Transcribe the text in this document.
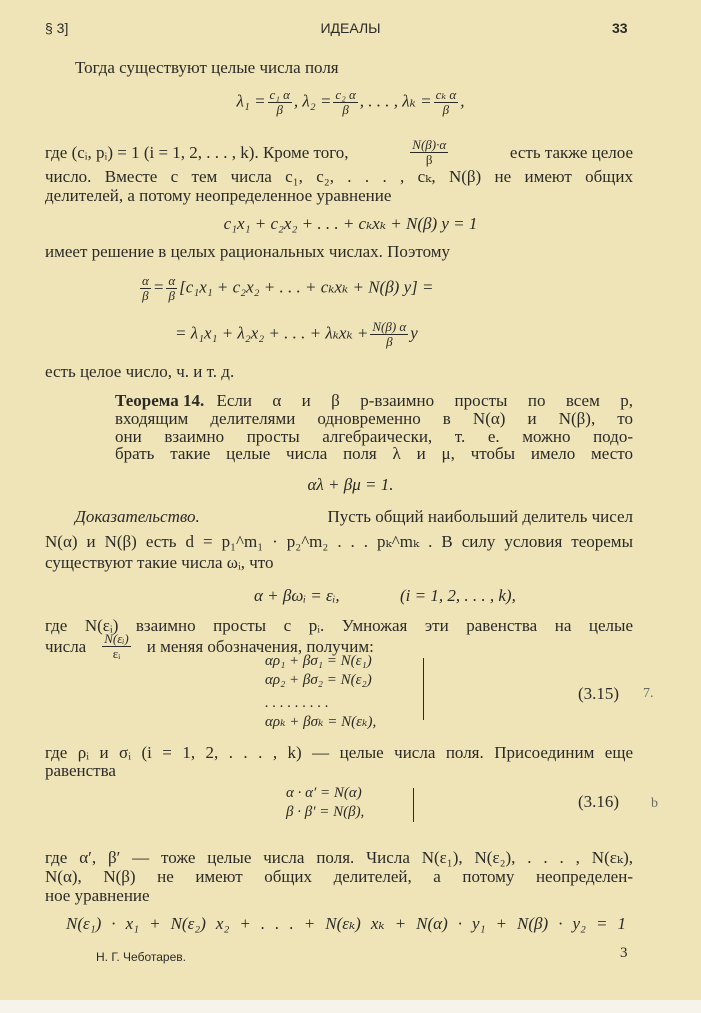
§ 3]	ИДЕАЛЫ	33
Тогда существуют целые числа поля
$\lambda_1 = \frac{\text{c₁ α}}{\beta}$ , $\lambda_2 = \frac{\text{c₂ α}}{\beta}$ , . . . , $\lambda_k = \frac{\text{cₖ α}}{\beta}$ ,
где (cᵢ, pᵢ) = 1 (i = 1, 2, . . . , k). Кроме того,	N(β)·α
β	есть также целое
число. Вместе с тем числа c₁, c₂, . . . , cₖ, N(β) не имеют общих
делителей, а потому неопределенное уравнение
c₁x₁ + c₂x₂ + . . . + cₖxₖ + N(β) y = 1
имеет решение в целых рациональных числах. Поэтому
$\frac{\alpha}{\beta} = \frac{\alpha}{\beta} [c_1x_1 + c_2x_2$ + . . . + cₖxₖ + N(β) y] =
= λ₁x₁ + λ₂x₂ + . . . + $\lambda_kx_k + \frac{N(\beta) \alpha}{\beta}$ y
есть целое число, ч. и т. д.
Теорема 14.
Если α и β p-взаимно просты по всем p,
входящим делителями одновременно в N(α) и N(β), то
они взаимно просты алгебраически, т. е. можно подо-
брать такие целые числа поля λ и μ, чтобы имело место
αλ + βμ = 1.
Доказательство.	Пусть общий наибольший делитель чисел
N(α) и N(β) есть d = p₁^m₁ · p₂^m₂ . . . pₖ^mₖ . В силу условия теоремы
существуют такие числа ωᵢ, что
α + βωᵢ = εᵢ,	(i = 1, 2, . . . , k),
где N(εᵢ) взаимно просты с pᵢ. Умножая эти равенства на целые
числа N(εᵢ)
εᵢ	и меняя обозначения, получим:
αρ₁ + βσ₁ = N(ε₁)
αρ₂ + βσ₂ = N(ε₂)
. . . . . . . . .
αρₖ + βσₖ = N(εₖ),
(3.15) 7.
где ρᵢ и σᵢ (i = 1, 2, . . . , k) — целые числа поля. Присоединим еще
равенства
α · α′ = N(α)
β · β′ = N(β),
(3.16) b
где α′, β′ — тоже целые числа поля. Числа N(ε₁), N(ε₂), . . . , N(εₖ),
N(α), N(β) не имеют общих делителей, а потому неопределен-
ное уравнение
N(ε₁) · x₁ + N(ε₂) x₂ + . . . + N(εₖ) xₖ + N(α) · y₁ + N(β) · y₂ = 1
Н. Г. Чеботарев.	3
